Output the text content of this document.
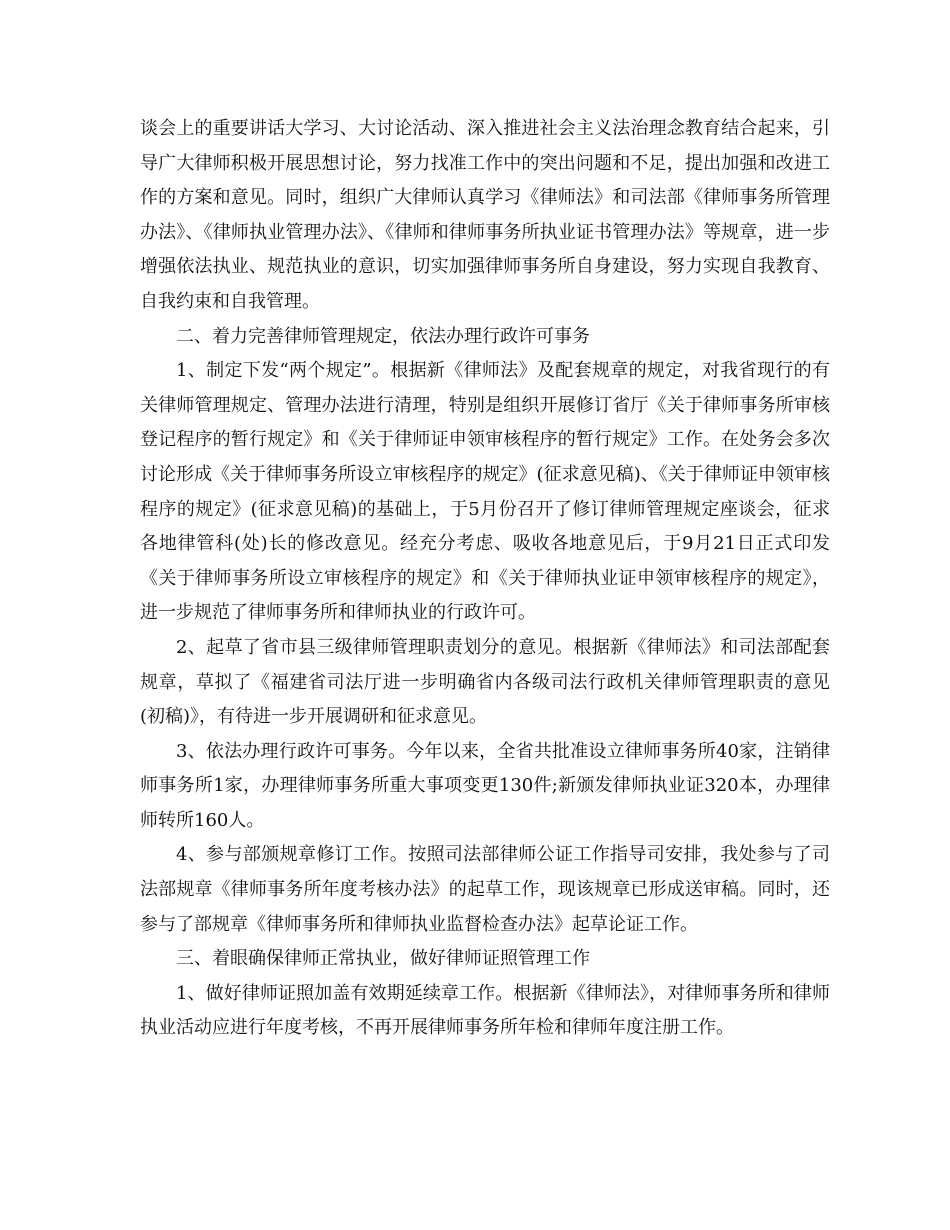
谈会上的重要讲话大学习、大讨论活动、深入推进社会主义法治理念教育结合起来，引导广大律师积极开展思想讨论，努力找准工作中的突出问题和不足，提出加强和改进工作的方案和意见。同时，组织广大律师认真学习《律师法》和司法部《律师事务所管理办法》、《律师执业管理办法》、《律师和律师事务所执业证书管理办法》等规章，进一步增强依法执业、规范执业的意识，切实加强律师事务所自身建设，努力实现自我教育、自我约束和自我管理。

二、着力完善律师管理规定，依法办理行政许可事务

1、制定下发“两个规定”。根据新《律师法》及配套规章的规定，对我省现行的有关律师管理规定、管理办法进行清理，特别是组织开展修订省厅《关于律师事务所审核登记程序的暂行规定》和《关于律师证申领审核程序的暂行规定》工作。在处务会多次讨论形成《关于律师事务所设立审核程序的规定》(征求意见稿)、《关于律师证申领审核程序的规定》(征求意见稿)的基础上，于5月份召开了修订律师管理规定座谈会，征求各地律管科(处)长的修改意见。经充分考虑、吸收各地意见后，于9月21日正式印发《关于律师事务所设立审核程序的规定》和《关于律师执业证申领审核程序的规定》，进一步规范了律师事务所和律师执业的行政许可。

2、起草了省市县三级律师管理职责划分的意见。根据新《律师法》和司法部配套规章，草拟了《福建省司法厅进一步明确省内各级司法行政机关律师管理职责的意见(初稿)》，有待进一步开展调研和征求意见。

3、依法办理行政许可事务。今年以来，全省共批准设立律师事务所40家，注销律师事务所1家，办理律师事务所重大事项变更130件;新颁发律师执业证320本，办理律师转所160人。

4、参与部颁规章修订工作。按照司法部律师公证工作指导司安排，我处参与了司法部规章《律师事务所年度考核办法》的起草工作，现该规章已形成送审稿。同时，还参与了部规章《律师事务所和律师执业监督检查办法》起草论证工作。

三、着眼确保律师正常执业，做好律师证照管理工作

1、做好律师证照加盖有效期延续章工作。根据新《律师法》，对律师事务所和律师执业活动应进行年度考核，不再开展律师事务所年检和律师年度注册工作。
